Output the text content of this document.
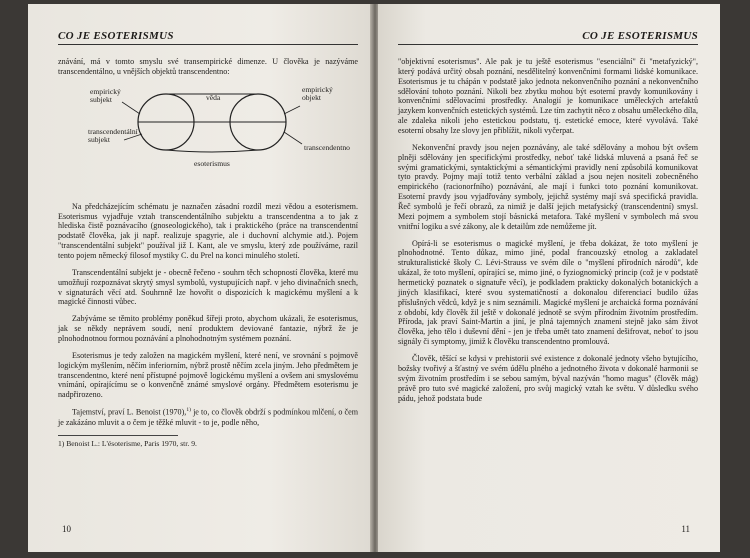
CO JE ESOTERISMUS

znávání, má v tomto smyslu své transempirické dimenze. U člověka je nazýváme transcendentálno, u vnějších objektů transcendentno:

empirický subjekt
transcendentální subjekt
věda
esoterismus
empirický objekt
transcendentno

Na předcházejícím schématu je naznačen zásadní rozdíl mezi vědou a esoterismem. Esoterismus vyjadřuje vztah transcendentálního subjektu a transcendentna a to jak z hlediska čistě poznávacího (gnoseologického), tak i praktického (práce na transcendentní podstatě člověka, jak ji např. realizuje spagyrie, ale i duchovní alchymie atd.). Pojem "transcendentální subjekt" používal již I. Kant, ale ve smyslu, který zde používáme, razil tento pojem německý filosof mystiky C. du Prel na konci minulého století.

Transcendentální subjekt je - obecně řečeno - souhrn těch schopností člověka, které mu umožňují rozpoznávat skrytý smysl symbolů, vystupujících např. v jeho divinačních snech, v signaturách věcí atd. Souhrnně lze hovořit o dispozicích k magickému myšlení a k magické činnosti vůbec.

Zabýváme se těmito problémy poněkud šířeji proto, abychom ukázali, že esoterismus, jak se někdy neprávem soudí, není produktem deviované fantazie, nýbrž že je plnohodnotnou formou poznávání a plnohodnotným systémem poznání.

Esoterismus je tedy založen na magickém myšlení, které není, ve srovnání s pojmově logickým myšlením, něčím inferiorním, nýbrž prostě něčím zcela jiným. Jeho předmětem je transcendentno, které není přístupné pojmově logickému myšlení a ovšem ani smyslovému vnímání, opírajícímu se o konvenčně známé smyslové orgány. Předmětem esoterismu je nadpřirozeno.

Tajemství, praví L. Benoist (1970),$^{1)}$ je to, co člověk obdrží s podmínkou mlčení, o čem je zakázáno mluvit a o čem je těžké mluvit - to je, podle něho,

1) Benoist L.: L'ésoterisme, Paris 1970, str. 9.

10
CO JE ESOTERISMUS

"objektivní esoterismus". Ale pak je tu ještě esoterismus "esenciální" či "metafyzický", který podává určitý obsah poznání, nesdělitelný konvenčními formami lidské komunikace. Esoterismus je tu chápán v podstatě jako jednota nekonvenčního poznání a nekonvenčního sdělování tohoto poznání. Nikoli bez zbytku mohou být esoterní pravdy komunikovány i konvenčními sdělovacími prostředky. Analogií je komunikace uměleckých artefaktů jazykem konvenčních estetických systémů. Lze tím zachytit něco z obsahu uměleckého díla, ale zdaleka nikoli jeho estetickou podstatu, tj. estetické emoce, které vyvolává. Také esoterní obsahy lze slovy jen přiblížit, nikoli vyčerpat.

Nekonvenční pravdy jsou nejen poznávány, ale také sdělovány a mohou být ovšem plněji sdělovány jen specifickými prostředky, neboť také lidská mluvená a psaná řeč se svými gramatickými, syntaktickými a sémantickými pravidly není způsobilá komunikovat tyto pravdy. Pojmy mají totiž tento verbální základ a jsou nejen nositeli zobecněného empirického (racionorfního) poznávání, ale mají i funkci toto poznání komunikovat. Esoterní pravdy jsou vyjadřovány symboly, jejichž systémy mají svá specifická pravidla. Řeč symbolů je řečí obrazů, za nimiž je další jejich metafysický (transcendentní) smysl. Mezi pojmem a symbolem stojí básnická metafora. Také myšlení v symbolech má svou vnitřní logiku a své zákony, ale k detailům zde nemůžeme jít.

Opírá-li se esoterismus o magické myšlení, je třeba dokázat, že toto myšlení je plnohodnotné. Tento důkaz, mimo jiné, podal francouzský etnolog a zakladatel strukturalistické školy C. Lévi-Strauss ve svém díle o "myšlení přírodních národů", kde ukázal, že toto myšlení, opírající se, mimo jiné, o fyziognomický princip (což je v podstatě hermetický poznatek o signatuře věcí), je podkladem prakticky dokonalých botanických a jiných klasifikací, které svou systematičností a dokonalou diferenciací budilo úžas příslušných vědců, když je s nim seznámili. Magické myšlení je archaická forma poznávání z období, kdy člověk žil ještě v dokonalé jednotě se svým přírodním životním prostředím. Příroda, jak praví Saint-Martin a jiní, je plná tajemných znamení stejně jako sám život člověka, jeho tělo i duševní dění - jen je třeba umět tato znamení dešifrovat, neboť to jsou signály či symptomy, jimiž k člověku transcendentno promlouvá.

Člověk, těšící se kdysi v prehistorii své existence z dokonalé jednoty všeho bytujícího, božsky tvořivý a šťastný ve svém údělu plného a jednotného života v dokonalé harmonii se svým životním prostředím i se sebou samým, býval nazýván "homo magus" (člověk mág) právě pro tuto své magické založení, pro svůj magický vztah ke světu. V důsledku svého pádu, jehož podstata bude

11
